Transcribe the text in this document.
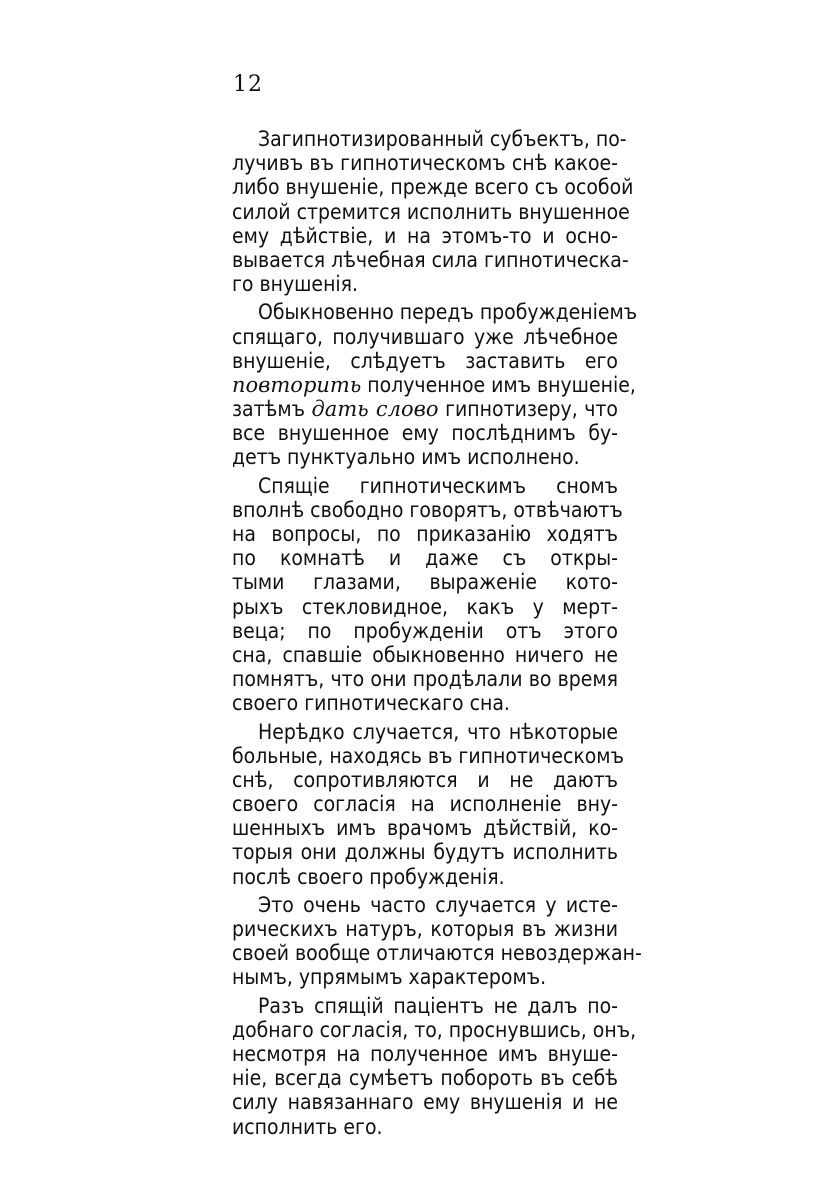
12
Загипнотизированный субъектъ, по-
лучивъ въ гипнотическомъ снѣ какое-
либо внушеніе, прежде всего съ особой
силой стремится исполнить внушенное
ему дѣйствіе, и на этомъ-то и осно-
вывается лѣчебная сила гипнотическа-
го внушенія.
Обыкновенно передъ пробужденіемъ
спящаго, получившаго уже лѣчебное
внушеніе, слѣдуетъ заставить его
повторить полученное имъ внушеніе,
затѣмъ дать слово гипнотизеру, что
все внушенное ему послѣднимъ бу-
детъ пунктуально имъ исполнено.
Спящіе гипнотическимъ сномъ
вполнѣ свободно говорятъ, отвѣчаютъ
на вопросы, по приказанію ходятъ
по комнатѣ и даже съ откры-
тыми глазами, выраженіе кото-
рыхъ стекловидное, какъ у мерт-
веца; по пробужденіи отъ этого
сна, спавшіе обыкновенно ничего не
помнятъ, что они продѣлали во время
своего гипнотическаго сна.
Нерѣдко случается, что нѣкоторые
больные, находясь въ гипнотическомъ
снѣ, сопротивляются и не даютъ
своего согласія на исполненіе вну-
шенныхъ имъ врачомъ дѣйствій, ко-
торыя они должны будутъ исполнить
послѣ своего пробужденія.
Это очень часто случается у исте-
рическихъ натуръ, которыя въ жизни
своей вообще отличаются невоздержан-
нымъ, упрямымъ характеромъ.
Разъ спящій паціентъ не далъ по-
добнаго согласія, то, проснувшись, онъ,
несмотря на полученное имъ внуше-
ніе, всегда сумѣетъ побороть въ себѣ
силу навязаннаго ему внушенія и не
исполнить его.
